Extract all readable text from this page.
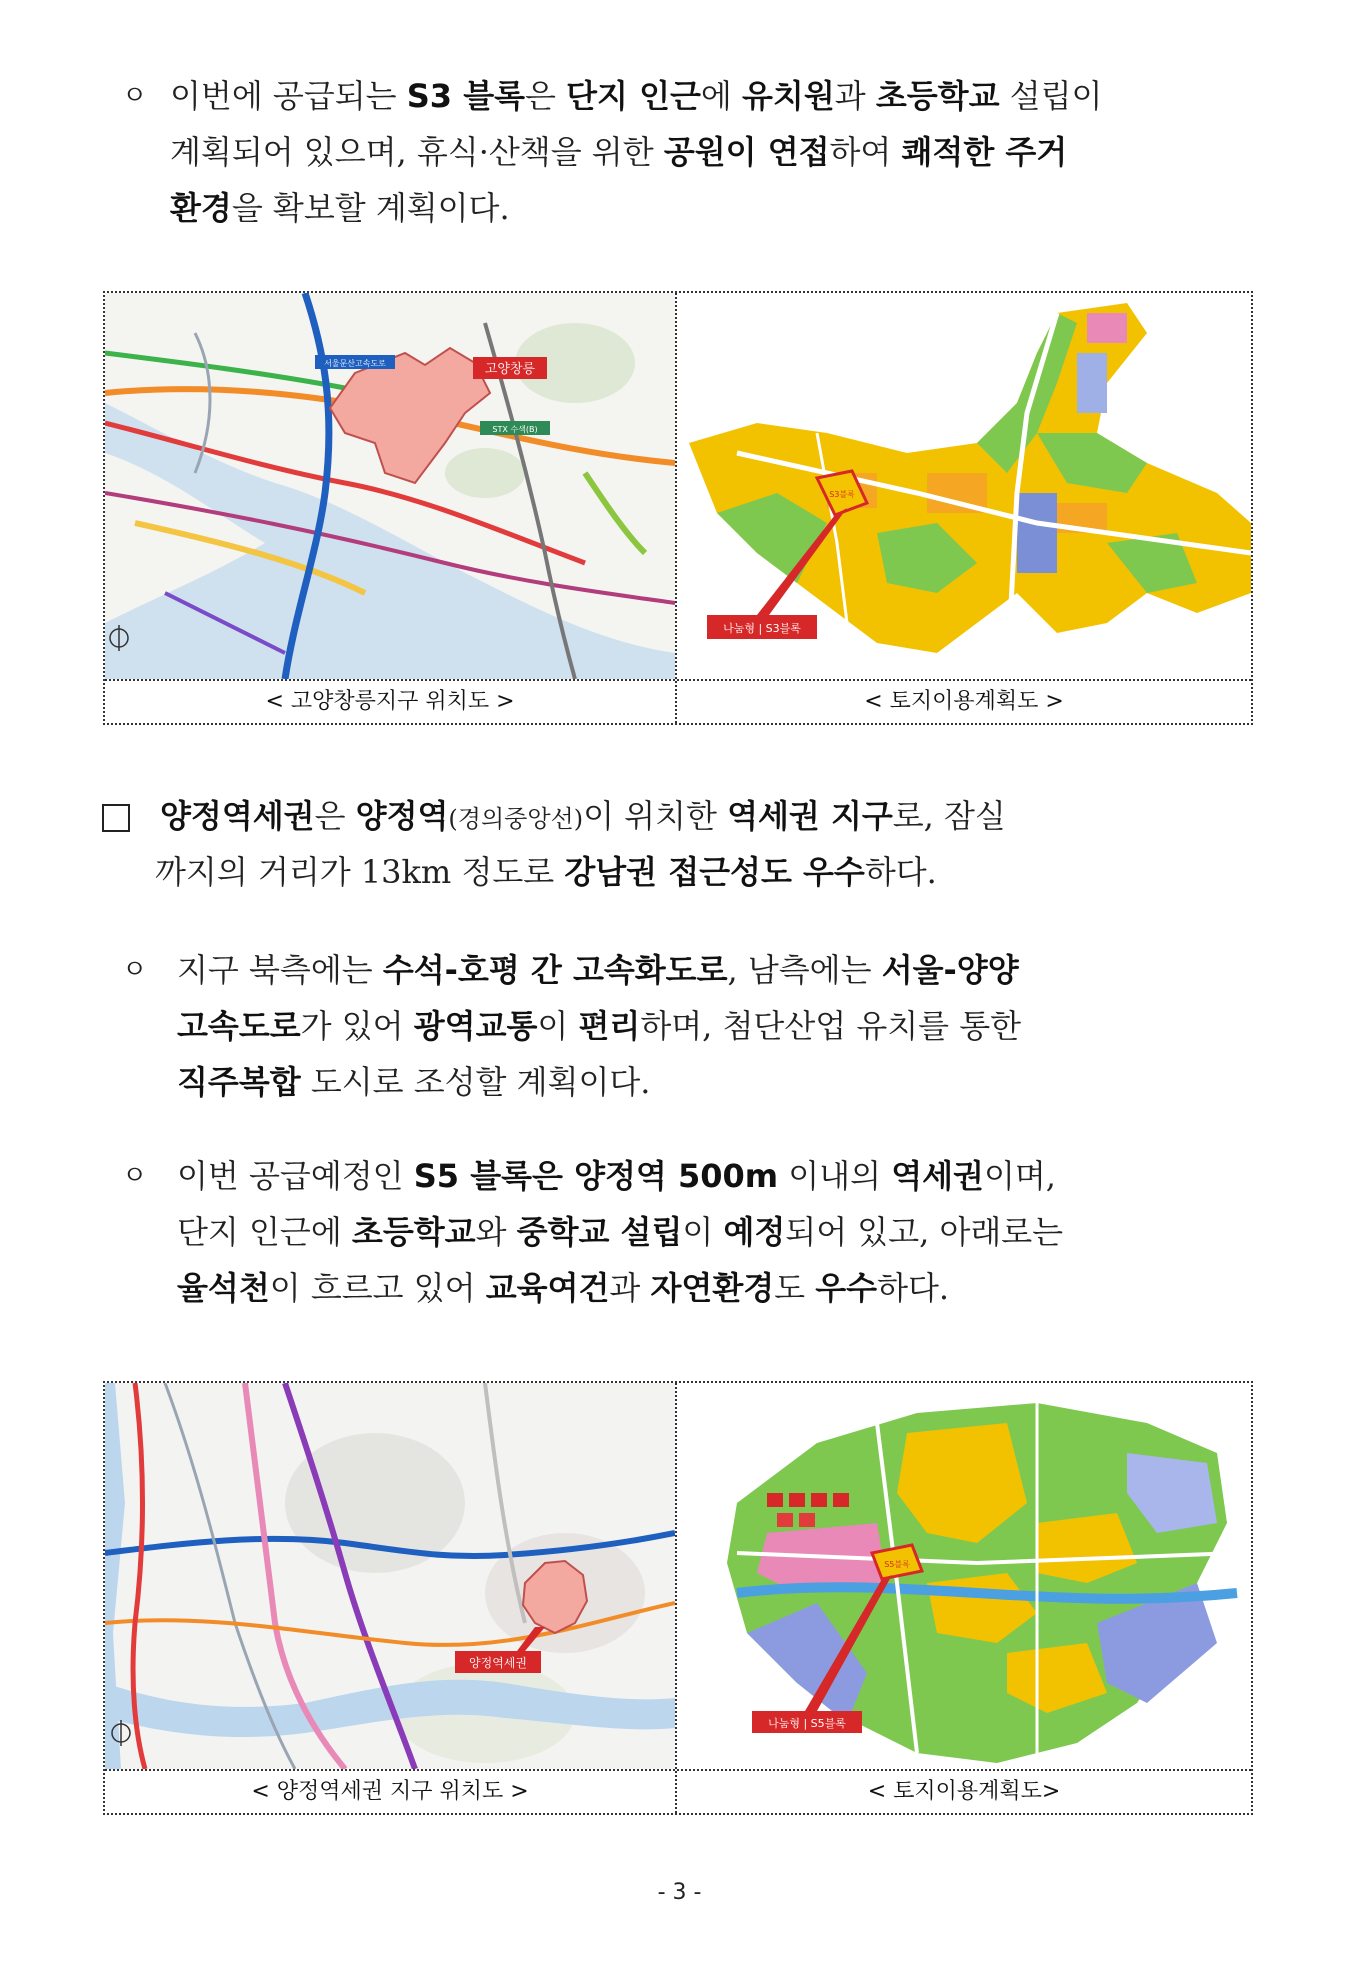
ㅇ 이번에 공급되는 S3 블록은 단지 인근에 유치원과 초등학교 설립이
계획되어 있으며, 휴식·산책을 위한 공원이 연접하여 쾌적한 주거
환경을 확보할 계획이다.
고양창릉
서울문산고속도로
STX 수색(B)
S3블록
나눔형 | S3블록
< 고양창릉지구 위치도 >	< 토지이용계획도 >
양정역세권은 양정역(경의중앙선)이 위치한 역세권 지구로, 잠실
까지의 거리가 13km 정도로 강남권 접근성도 우수하다.
ㅇ 지구 북측에는 수석-호평 간 고속화도로, 남측에는 서울-양양
고속도로가 있어 광역교통이 편리하며, 첨단산업 유치를 통한
직주복합 도시로 조성할 계획이다.
ㅇ 이번 공급예정인 S5 블록은 양정역 500m 이내의 역세권이며,
단지 인근에 초등학교와 중학교 설립이 예정되어 있고, 아래로는
율석천이 흐르고 있어 교육여건과 자연환경도 우수하다.
양정역세권
S5블록
나눔형 | S5블록
< 양정역세권 지구 위치도 >	< 토지이용계획도>
- 3 -
